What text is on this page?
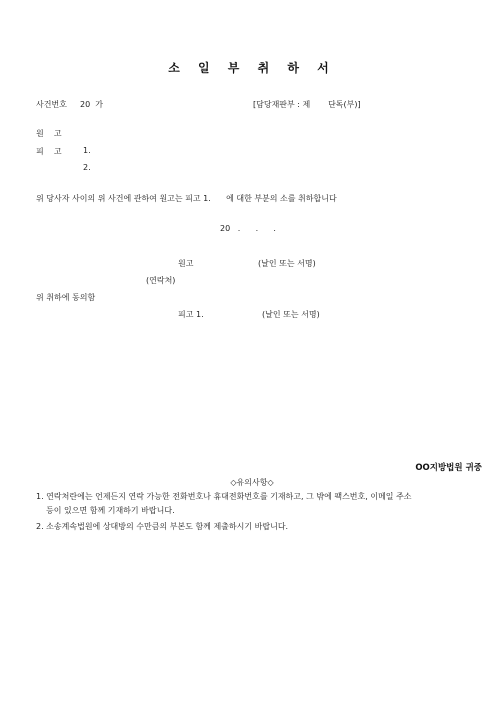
소 일 부 취 하 서
사건번호 20  가	[담당재판부 : 제       단독(부)]
원    고
피    고	1.
2.
위 당사자 사이의 위 사건에 관하여 원고는 피고 1.      에 대한 부분의 소를 취하합니다
20   .      .      .
원고	(날인 또는 서명)
(연락처)
위 취하에 동의함
피고 1.	(날인 또는 서명)
OO지방법원 귀중
◇유의사항◇
1. 연락처란에는 언제든지 연락 가능한 전화번호나 휴대전화번호를 기재하고, 그 밖에 팩스번호, 이메일 주소
등이 있으면 함께 기재하기 바랍니다.
2. 소송계속법원에 상대방의 수만큼의 부본도 함께 제출하시기 바랍니다.
